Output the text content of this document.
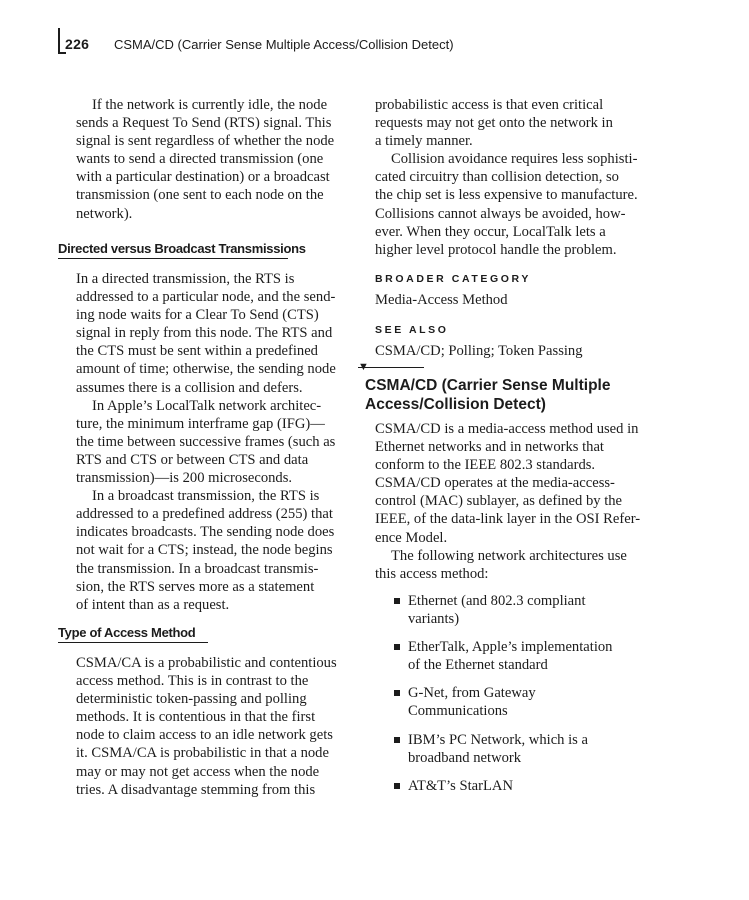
226 CSMA/CD (Carrier Sense Multiple Access/Collision Detect)

If the network is currently idle, the node
sends a Request To Send (RTS) signal. This
signal is sent regardless of whether the node
wants to send a directed transmission (one
with a particular destination) or a broadcast
transmission (one sent to each node on the
network).

Directed versus Broadcast Transmissions

In a directed transmission, the RTS is
addressed to a particular node, and the send-
ing node waits for a Clear To Send (CTS)
signal in reply from this node. The RTS and
the CTS must be sent within a predefined
amount of time; otherwise, the sending node
assumes there is a collision and defers.

In Apple’s LocalTalk network architec-
ture, the minimum interframe gap (IFG)—
the time between successive frames (such as
RTS and CTS or between CTS and data
transmission)—is 200 microseconds.

In a broadcast transmission, the RTS is
addressed to a predefined address (255) that
indicates broadcasts. The sending node does
not wait for a CTS; instead, the node begins
the transmission. In a broadcast transmis-
sion, the RTS serves more as a statement
of intent than as a request.

Type of Access Method

CSMA/CA is a probabilistic and contentious
access method. This is in contrast to the
deterministic token-passing and polling
methods. It is contentious in that the first
node to claim access to an idle network gets
it. CSMA/CA is probabilistic in that a node
may or may not get access when the node
tries. A disadvantage stemming from this

probabilistic access is that even critical
requests may not get onto the network in
a timely manner.

Collision avoidance requires less sophisti-
cated circuitry than collision detection, so
the chip set is less expensive to manufacture.
Collisions cannot always be avoided, how-
ever. When they occur, LocalTalk lets a
higher level protocol handle the problem.

BROADER CATEGORY

Media-Access Method

SEE ALSO

CSMA/CD; Polling; Token Passing

▼
CSMA/CD (Carrier Sense Multiple
Access/Collision Detect)

CSMA/CD is a media-access method used in
Ethernet networks and in networks that
conform to the IEEE 802.3 standards.
CSMA/CD operates at the media-access-
control (MAC) sublayer, as defined by the
IEEE, of the data-link layer in the OSI Refer-
ence Model.

The following network architectures use
this access method:

Ethernet (and 802.3 compliant
variants)
EtherTalk, Apple’s implementation
of the Ethernet standard
G-Net, from Gateway
Communications
IBM’s PC Network, which is a
broadband network
AT&T’s StarLAN
